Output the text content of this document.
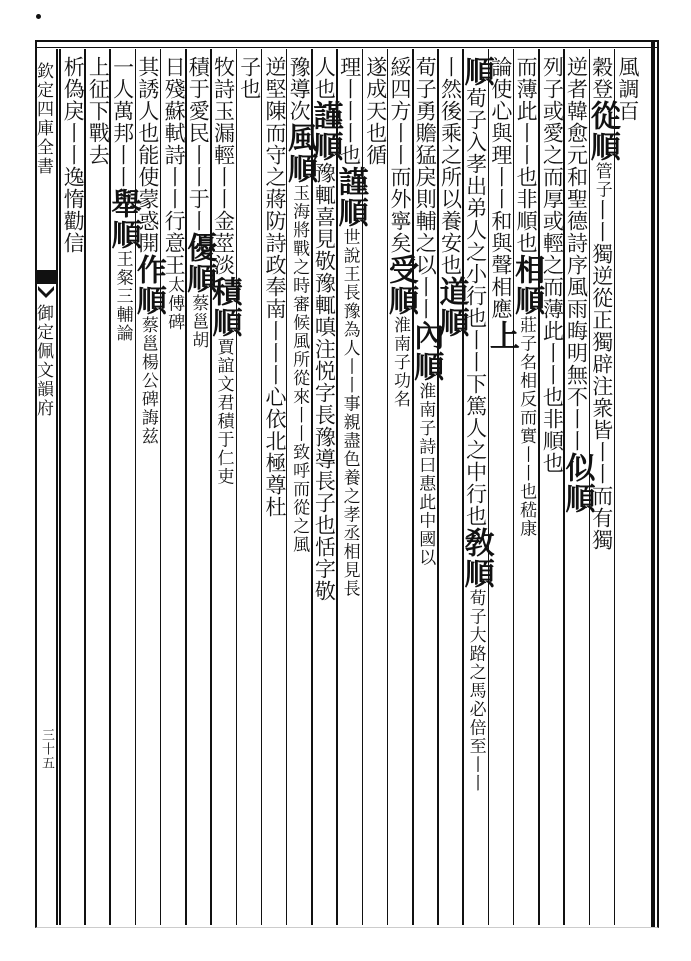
欽定四庫全書
御定佩文韻府
三十五
風調百
穀登從順管子丨丨獨逆從正獨辟注衆皆丨丨而有獨
逆者韓愈元和聖德詩序風雨晦明無不丨丨似順
列子或愛之而厚或輕之而薄此丨丨也非順也
而薄此丨丨也非順也相順莊子名相反而實丨丨也嵇康
論使心與理丨丨和與聲相應上
順荀子入孝出弟人之小行也丨丨下篤人之中行也敎順荀子大路之馬必倍至丨丨
丨然後乘之所以養安也道順
荀子勇贍猛戾則輔之以丨丨內順淮南子詩曰惠此中國以
綏四方丨丨而外寧矣受順淮南子功名
遂成天也循
理丨丨丨也謹順世說王長豫為人丨丨事親盡色養之孝丞相見長
人也謹順豫輒喜見敬豫輒嗔注悦字長豫導長子也恬字敬
豫導次風順玉海將戰之時審候風所從來丨丨致呼而從之風
逆堅陳而守之蔣防詩政奉南丨丨丨心依北極尊杜
子也
牧詩玉漏輕丨丨金莖淡積順賈誼文君積于仁吏
積于愛民丨丨于丨優順蔡邕胡
日殘蘇軾詩丨丨行意王太傅碑
其誘人也能使蒙惑開作順蔡邕楊公碑誨兹
一人萬邦丨丨舉順王粲三輔論
上征下戰去
析偽戾丨丨逸惰勸信
